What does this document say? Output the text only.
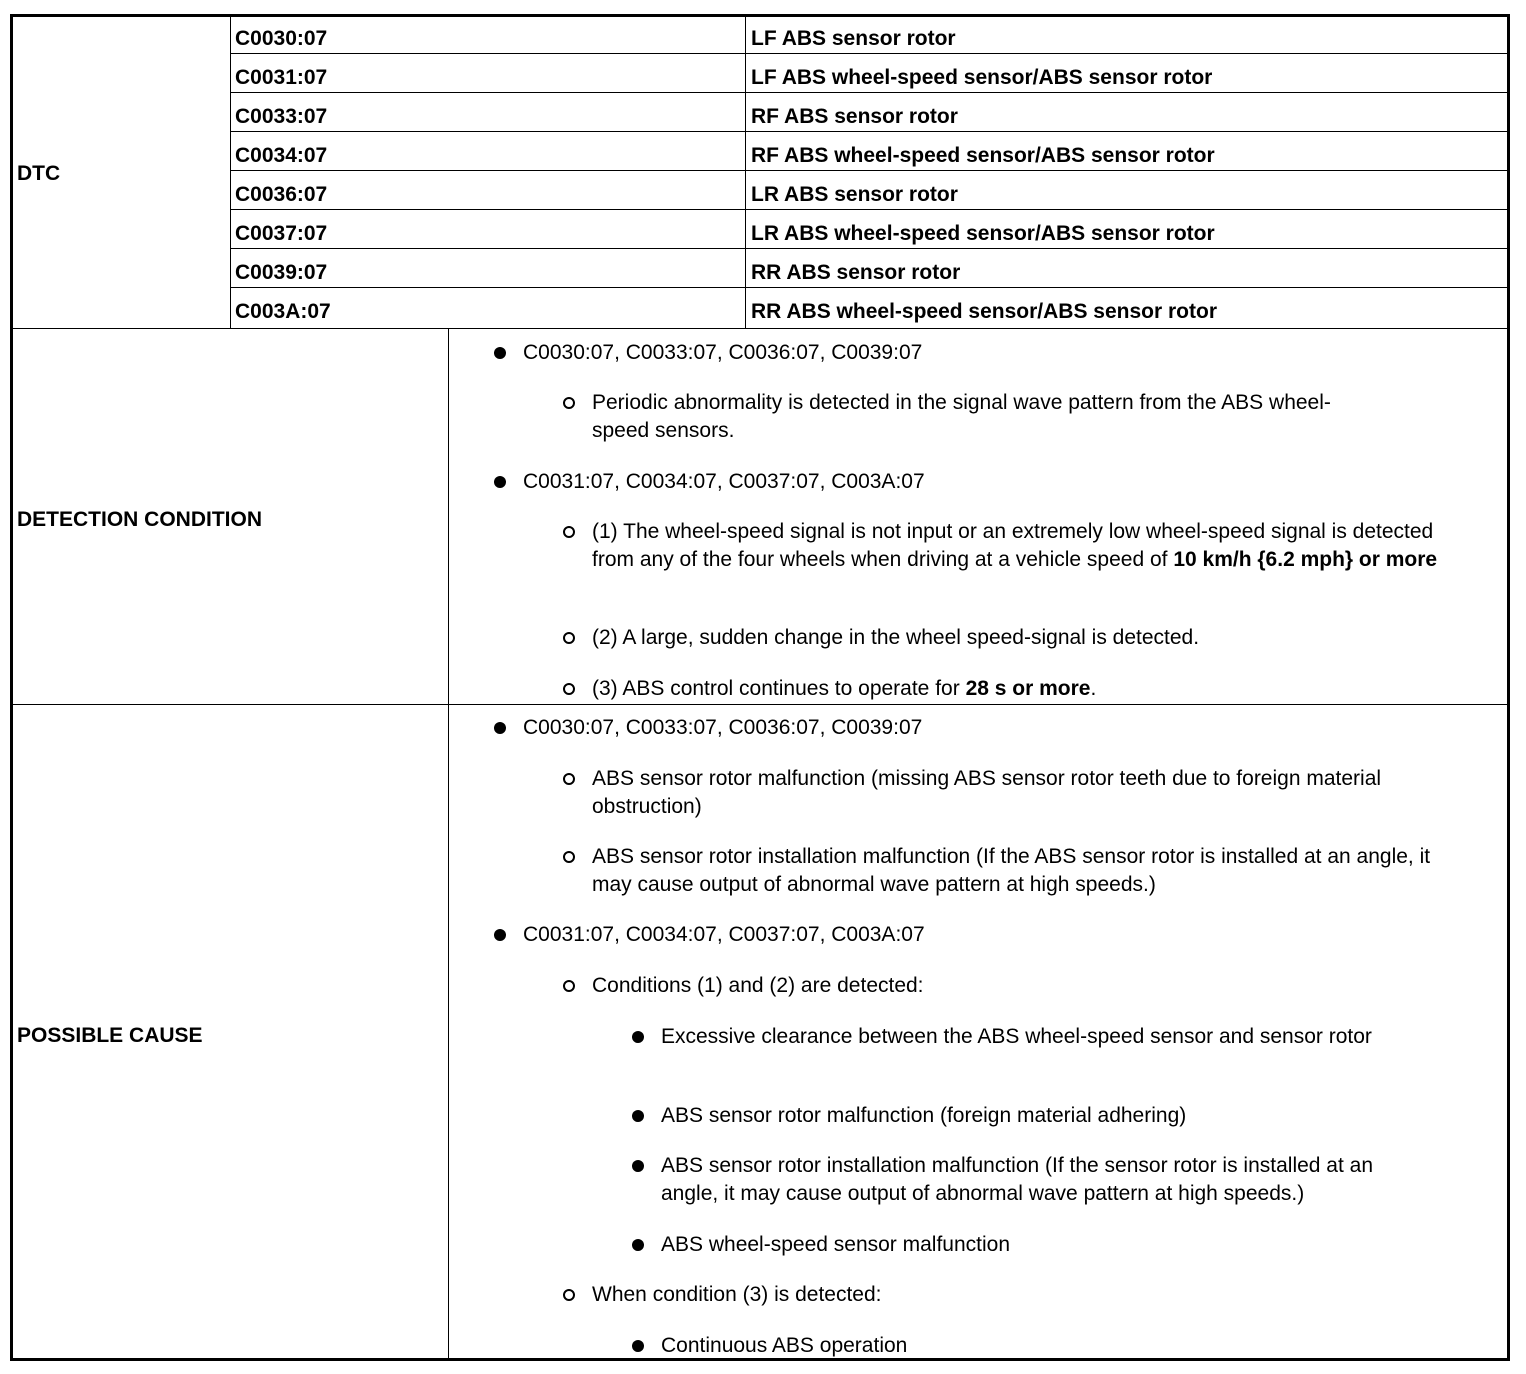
DTC
C0030:07	LF ABS sensor rotor
C0031:07	LF ABS wheel-speed sensor/ABS sensor rotor
C0033:07	RF ABS sensor rotor
C0034:07	RF ABS wheel-speed sensor/ABS sensor rotor
C0036:07	LR ABS sensor rotor
C0037:07	LR ABS wheel-speed sensor/ABS sensor rotor
C0039:07	RR ABS sensor rotor
C003A:07	RR ABS wheel-speed sensor/ABS sensor rotor
DETECTION CONDITION
C0030:07, C0033:07, C0036:07, C0039:07
Periodic abnormality is detected in the signal wave pattern from the ABS wheel-speed sensors.
C0031:07, C0034:07, C0037:07, C003A:07
(1) The wheel-speed signal is not input or an extremely low wheel-speed signal is detected from any of the four wheels when driving at a vehicle speed of 10 km/h {6.2 mph} or more
(2) A large, sudden change in the wheel speed-signal is detected.
(3) ABS control continues to operate for 28 s or more.
POSSIBLE CAUSE
C0030:07, C0033:07, C0036:07, C0039:07
ABS sensor rotor malfunction (missing ABS sensor rotor teeth due to foreign material obstruction)
ABS sensor rotor installation malfunction (If the ABS sensor rotor is installed at an angle, it may cause output of abnormal wave pattern at high speeds.)
C0031:07, C0034:07, C0037:07, C003A:07
Conditions (1) and (2) are detected:
Excessive clearance between the ABS wheel-speed sensor and sensor rotor
ABS sensor rotor malfunction (foreign material adhering)
ABS sensor rotor installation malfunction (If the sensor rotor is installed at an angle, it may cause output of abnormal wave pattern at high speeds.)
ABS wheel-speed sensor malfunction
When condition (3) is detected:
Continuous ABS operation
